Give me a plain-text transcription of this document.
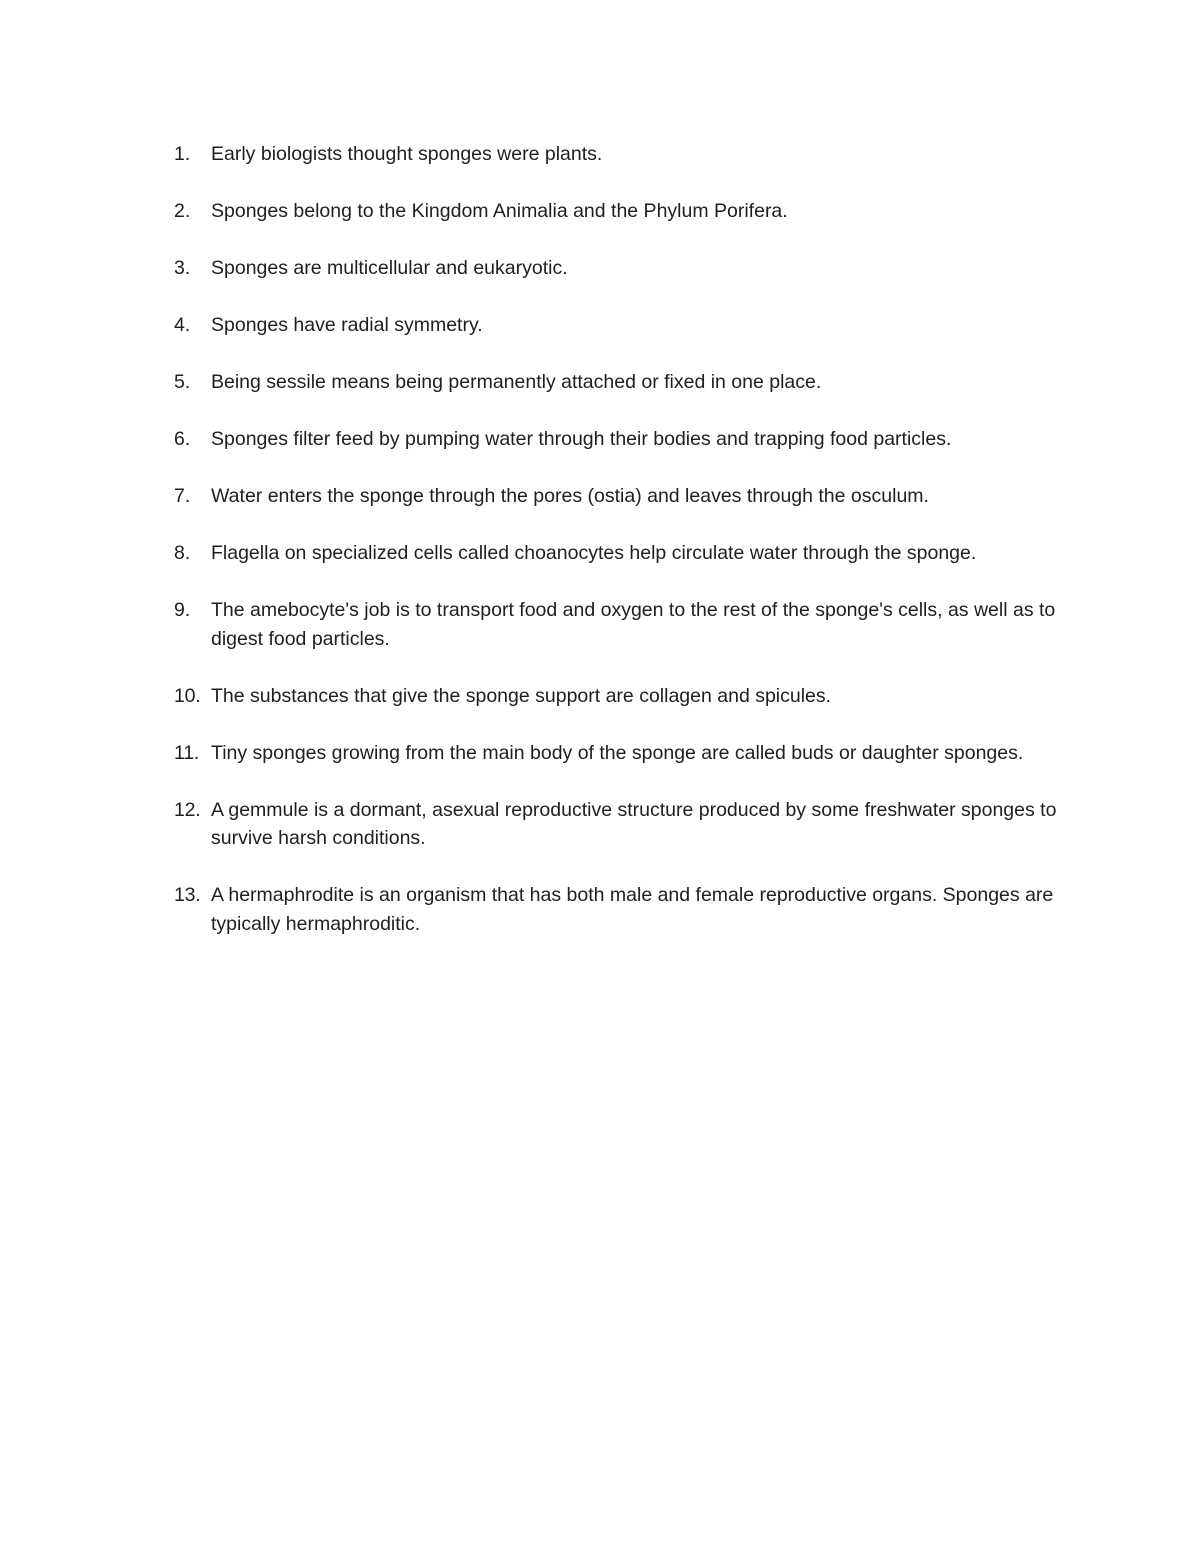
1.	Early biologists thought sponges were plants.
2.	Sponges belong to the Kingdom Animalia and the Phylum Porifera.
3.	Sponges are multicellular and eukaryotic.
4.	Sponges have radial symmetry.
5.	Being sessile means being permanently attached or fixed in one place.
6.	Sponges filter feed by pumping water through their bodies and trapping food particles.
7.	Water enters the sponge through the pores (ostia) and leaves through the osculum.
8.	Flagella on specialized cells called choanocytes help circulate water through the sponge.
9.	The amebocyte's job is to transport food and oxygen to the rest of the sponge's cells, as well as to digest food particles.
10. The substances that give the sponge support are collagen and spicules.
11. Tiny sponges growing from the main body of the sponge are called buds or daughter sponges.
12. A gemmule is a dormant, asexual reproductive structure produced by some freshwater sponges to survive harsh conditions.
13. A hermaphrodite is an organism that has both male and female reproductive organs. Sponges are typically hermaphroditic.
